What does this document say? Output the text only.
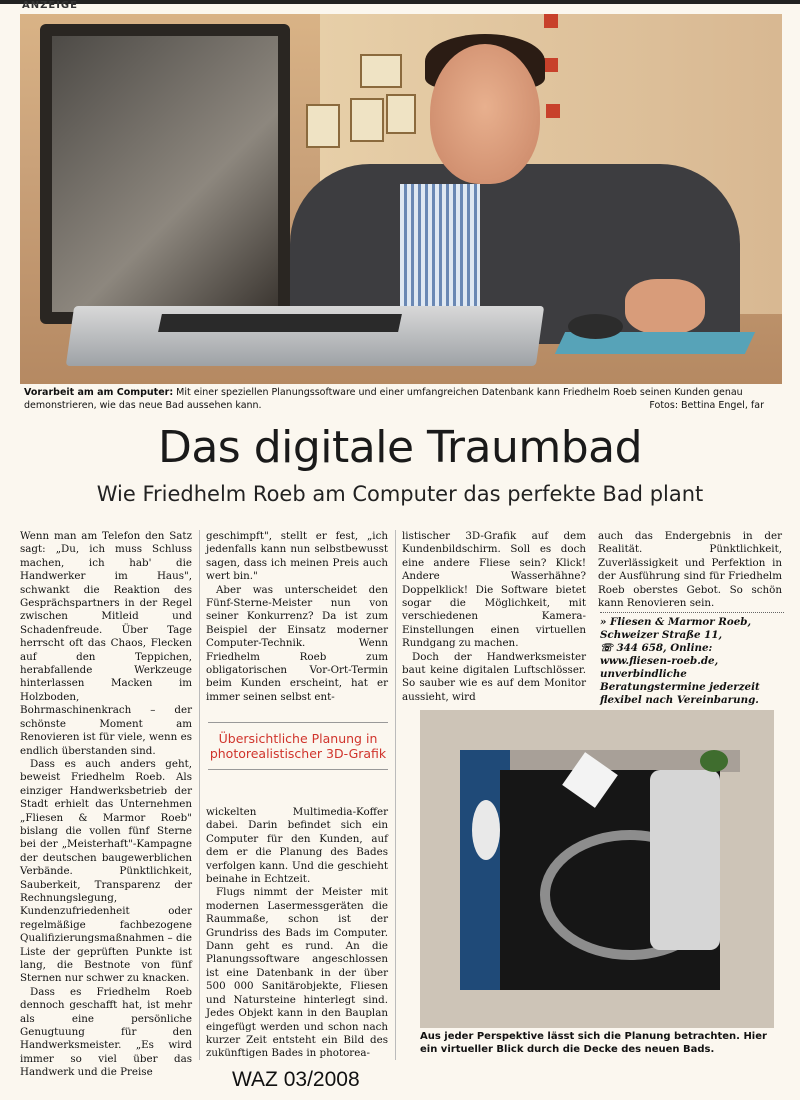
ANZEIGE
Vorarbeit am am Computer: Mit einer speziellen Planungssoftware und einer umfangreichen Datenbank kann Friedhelm Roeb seinen Kunden genau demonstrieren, wie das neue Bad aussehen kann.	Fotos: Bettina Engel, far
Das digitale Traumbad
Wie Friedhelm Roeb am Computer das perfekte Bad plant

Wenn man am Telefon den Satz sagt: „Du, ich muss Schluss machen, ich hab' die Handwerker im Haus", schwankt die Reaktion des Gesprächspartners in der Regel zwischen Mitleid und Schadenfreude. Über Tage herrscht oft das Chaos, Flecken auf den Teppichen, herabfallende Werkzeuge hinterlassen Macken im Holzboden, Bohrmaschinenkrach – der schönste Moment am Renovieren ist für viele, wenn es endlich überstanden sind.

Dass es auch anders geht, beweist Friedhelm Roeb. Als einziger Handwerksbetrieb der Stadt erhielt das Unternehmen „Fliesen & Marmor Roeb" bislang die vollen fünf Sterne bei der „Meisterhaft"-Kampagne der deutschen baugewerblichen Verbände. Pünktlichkeit, Sauberkeit, Transparenz der Rechnungslegung, Kundenzufriedenheit oder regelmäßige fachbezogene Qualifizierungsmaßnahmen – die Liste der geprüften Punkte ist lang, die Bestnote von fünf Sternen nur schwer zu knacken.

Dass es Friedhelm Roeb dennoch geschafft hat, ist mehr als eine persönliche Genugtuung für den Handwerksmeister. „Es wird immer so viel über das Handwerk und die Preise

geschimpft", stellt er fest, „ich jedenfalls kann nun selbstbewusst sagen, dass ich meinen Preis auch wert bin."

Aber was unterscheidet den Fünf-Sterne-Meister nun von seiner Konkurrenz? Da ist zum Beispiel der Einsatz moderner Computer-Technik. Wenn Friedhelm Roeb zum obligatorischen Vor-Ort-Termin beim Kunden erscheint, hat er immer seinen selbst ent-

Übersichtliche Planung in photorealistischer 3D-Grafik

wickelten Multimedia-Koffer dabei. Darin befindet sich ein Computer für den Kunden, auf dem er die Planung des Bades verfolgen kann. Und die geschieht beinahe in Echtzeit.

Flugs nimmt der Meister mit modernen Lasermessgeräten die Raummaße, schon ist der Grundriss des Bads im Computer. Dann geht es rund. An die Planungssoftware angeschlossen ist eine Datenbank in der über 500 000 Sanitärobjekte, Fliesen und Natursteine hinterlegt sind. Jedes Objekt kann in den Bauplan eingefügt werden und schon nach kurzer Zeit entsteht ein Bild des zukünftigen Bades in photorea-

listischer 3D-Grafik auf dem Kundenbildschirm. Soll es doch eine andere Fliese sein? Klick! Andere Wasserhähne? Doppelklick! Die Software bietet sogar die Möglichkeit, mit verschiedenen Kamera-Einstellungen einen virtuellen Rundgang zu machen.

Doch der Handwerksmeister baut keine digitalen Luftschlösser. So sauber wie es auf dem Monitor aussieht, wird

auch das Endergebnis in der Realität. Pünktlichkeit, Zuverlässigkeit und Perfektion in der Ausführung sind für Friedhelm Roeb oberstes Gebot. So schön kann Renovieren sein.

» Fliesen & Marmor Roeb, Schweizer Straße 11,
☏ 344 658, Online: www.fliesen-roeb.de, unverbindliche Beratungstermine jederzeit flexibel nach Vereinbarung.
Aus jeder Perspektive lässt sich die Planung betrachten. Hier ein virtueller Blick durch die Decke des neuen Bads.
WAZ 03/2008
